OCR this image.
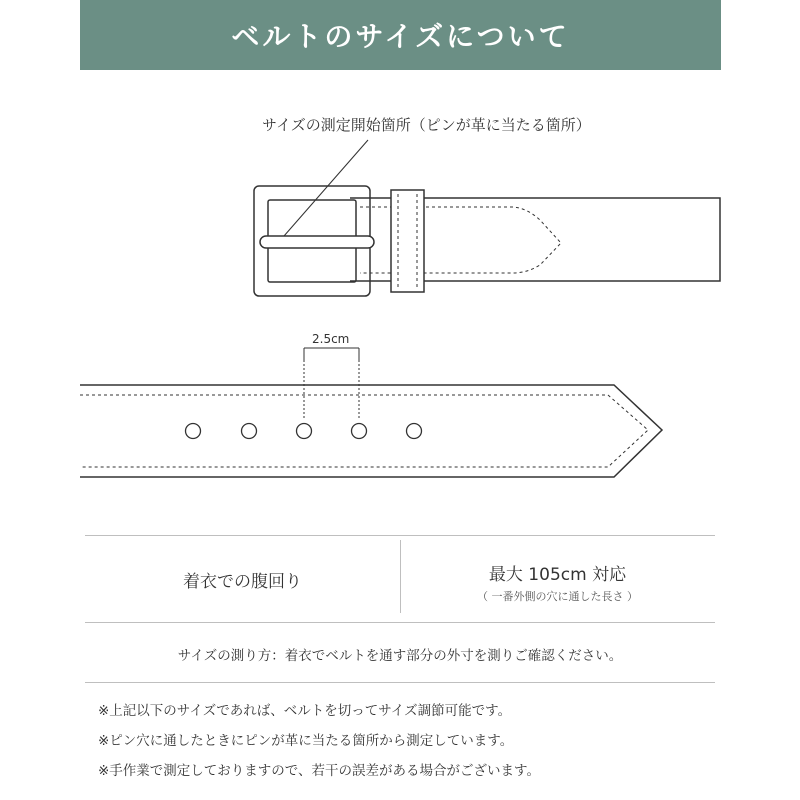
ベルトのサイズについて
サイズの測定開始箇所（ピンが革に当たる箇所）
2.5cm
着衣での腹回り	最大 105cm 対応
（ 一番外側の穴に通した長さ ）
サイズの測り方：着衣でベルトを通す部分の外寸を測りご確認ください。
※上記以下のサイズであれば、ベルトを切ってサイズ調節可能です。
※ピン穴に通したときにピンが革に当たる箇所から測定しています。
※手作業で測定しておりますので、若干の誤差がある場合がございます。
